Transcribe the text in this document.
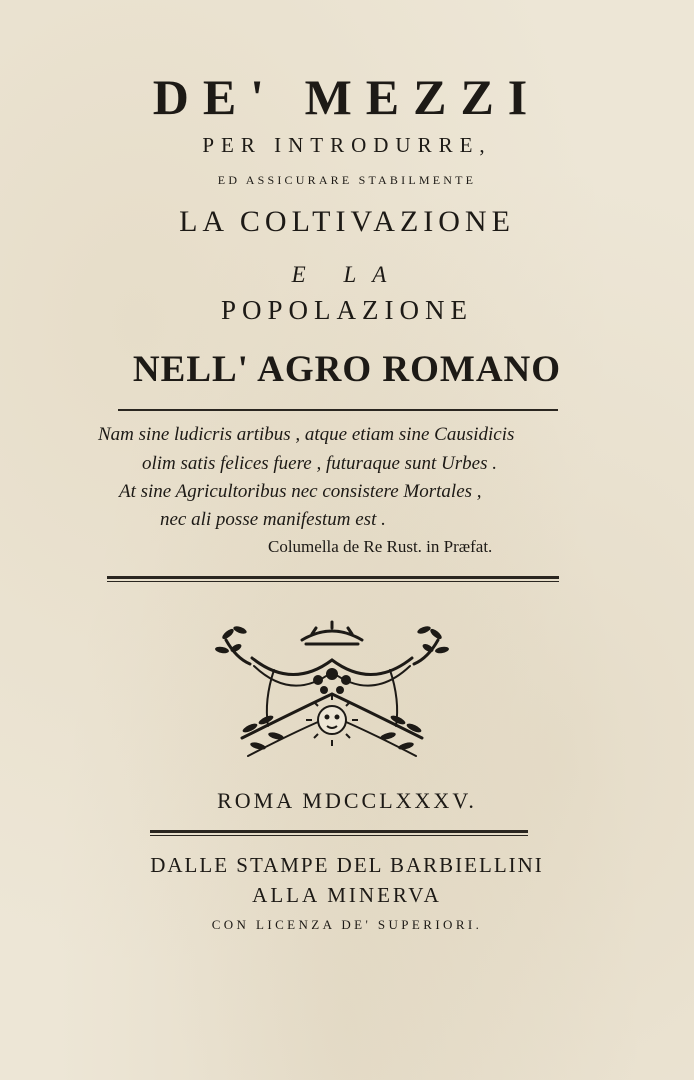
DE' MEZZI
PER INTRODURRE,
ED ASSICURARE STABILMENTE
LA COLTIVAZIONE
E LA
POPOLAZIONE
NELL' AGRO ROMANO
Nam sine ludicris artibus , atque etiam sine Causidicis
olim satis felices fuere , futuraque sunt Urbes .
At sine Agricultoribus nec consistere Mortales ,
nec ali posse manifestum est .
Columella de Re Rust. in Præfat.
ROMA MDCCLXXXV.
DALLE STAMPE DEL BARBIELLINI
ALLA MINERVA
CON LICENZA DE' SUPERIORI.
